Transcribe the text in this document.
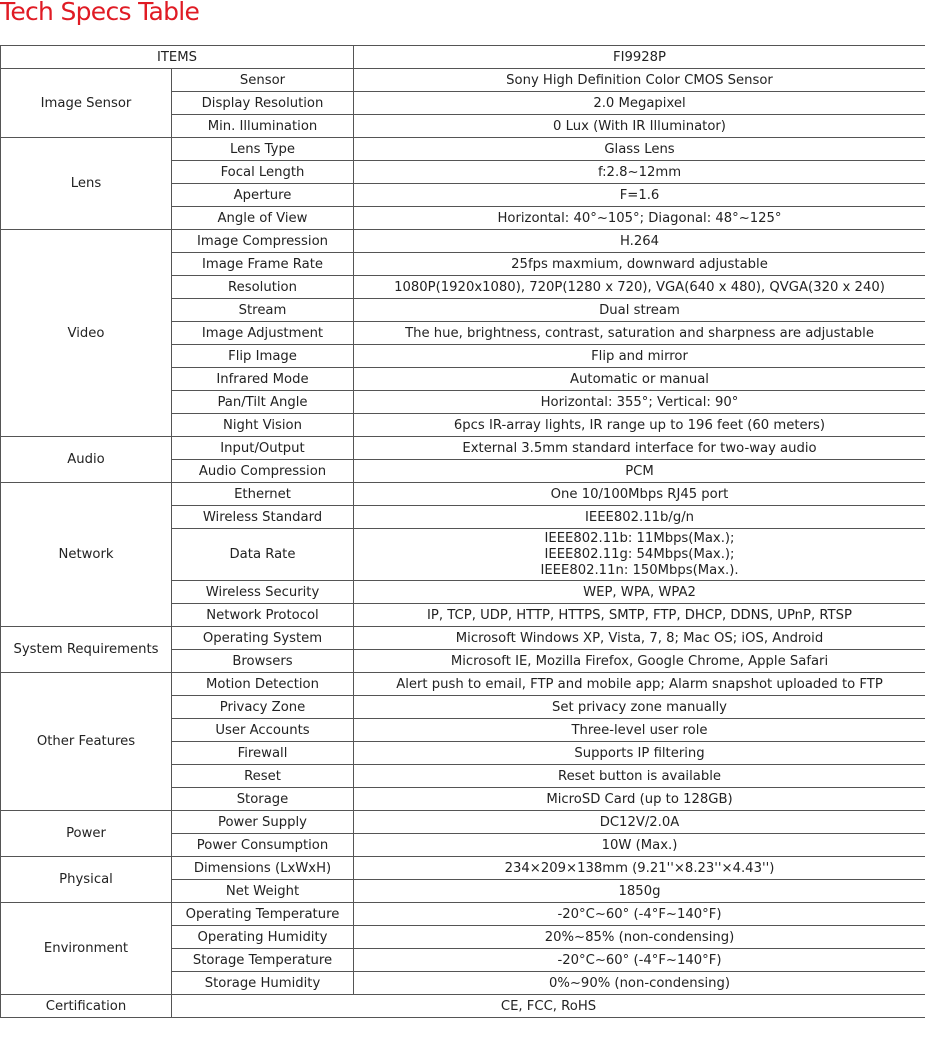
Tech Specs Table
ITEMS		FI9928P
Image Sensor	Sensor	Sony High Definition Color CMOS Sensor

	Display Resolution	2.0 Megapixel

	Min. Illumination	0 Lux (With IR Illuminator)

Lens	Lens Type	Glass Lens

	Focal Length	f:2.8~12mm

	Aperture	F=1.6

	Angle of View	Horizontal: 40°~105°; Diagonal: 48°~125°

Video	Image Compression	H.264

	Image Frame Rate	25fps maxmium, downward adjustable

	Resolution	1080P(1920x1080), 720P(1280 x 720), VGA(640 x 480), QVGA(320 x 240)

	Stream	Dual stream

	Image Adjustment	The hue, brightness, contrast, saturation and sharpness are adjustable

	Flip Image	Flip and mirror

	Infrared Mode	Automatic or manual

	Pan/Tilt Angle	Horizontal: 355°; Vertical: 90°

	Night Vision	6pcs IR-array lights, IR range up to 196 feet (60 meters)

Audio	Input/Output	External 3.5mm standard interface for two-way audio

	Audio Compression	PCM

Network	Ethernet	One 10/100Mbps RJ45 port

	Wireless Standard	IEEE802.11b/g/n

	Data Rate	IEEE802.11b: 11Mbps(Max.);
IEEE802.11g: 54Mbps(Max.);
IEEE802.11n: 150Mbps(Max.).

	Wireless Security	WEP, WPA, WPA2

	Network Protocol	IP, TCP, UDP, HTTP, HTTPS, SMTP, FTP, DHCP, DDNS, UPnP, RTSP

System Requirements	Operating System	Microsoft Windows XP, Vista, 7, 8; Mac OS; iOS, Android

	Browsers	Microsoft IE, Mozilla Firefox, Google Chrome, Apple Safari

Other Features	Motion Detection	Alert push to email, FTP and mobile app; Alarm snapshot uploaded to FTP

	Privacy Zone	Set privacy zone manually

	User Accounts	Three-level user role

	Firewall	Supports IP filtering

	Reset	Reset button is available

	Storage	MicroSD Card (up to 128GB)

Power	Power Supply	DC12V/2.0A

	Power Consumption	10W (Max.)

Physical	Dimensions (LxWxH)	234×209×138mm (9.21''×8.23''×4.43'')

	Net Weight	1850g

Environment	Operating Temperature	-20°C~60° (-4°F~140°F)

	Operating Humidity	20%~85% (non-condensing)

	Storage Temperature	-20°C~60° (-4°F~140°F)

	Storage Humidity	0%~90% (non-condensing)

Certification	CE, FCC, RoHS	
